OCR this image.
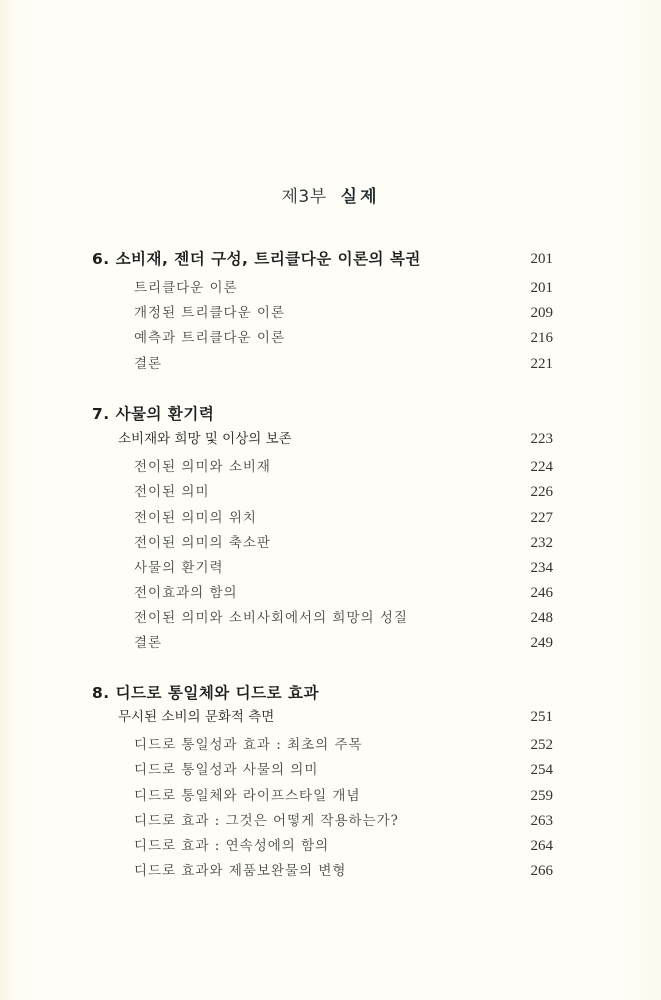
제3부 실제
6. 소비재, 젠더 구성, 트리클다운 이론의 복권	201
트리클다운 이론	201
개정된 트리클다운 이론	209
예측과 트리클다운 이론	216
결론	221
7. 사물의 환기력
소비재와 희망 및 이상의 보존	223
전이된 의미와 소비재	224
전이된 의미	226
전이된 의미의 위치	227
전이된 의미의 축소판	232
사물의 환기력	234
전이효과의 함의	246
전이된 의미와 소비사회에서의 희망의 성질	248
결론	249
8. 디드로 통일체와 디드로 효과
무시된 소비의 문화적 측면	251
디드로 통일성과 효과 : 최초의 주목	252
디드로 통일성과 사물의 의미	254
디드로 통일체와 라이프스타일 개념	259
디드로 효과 : 그것은 어떻게 작용하는가?	263
디드로 효과 : 연속성에의 함의	264
디드로 효과와 제품보완물의 변형	266
